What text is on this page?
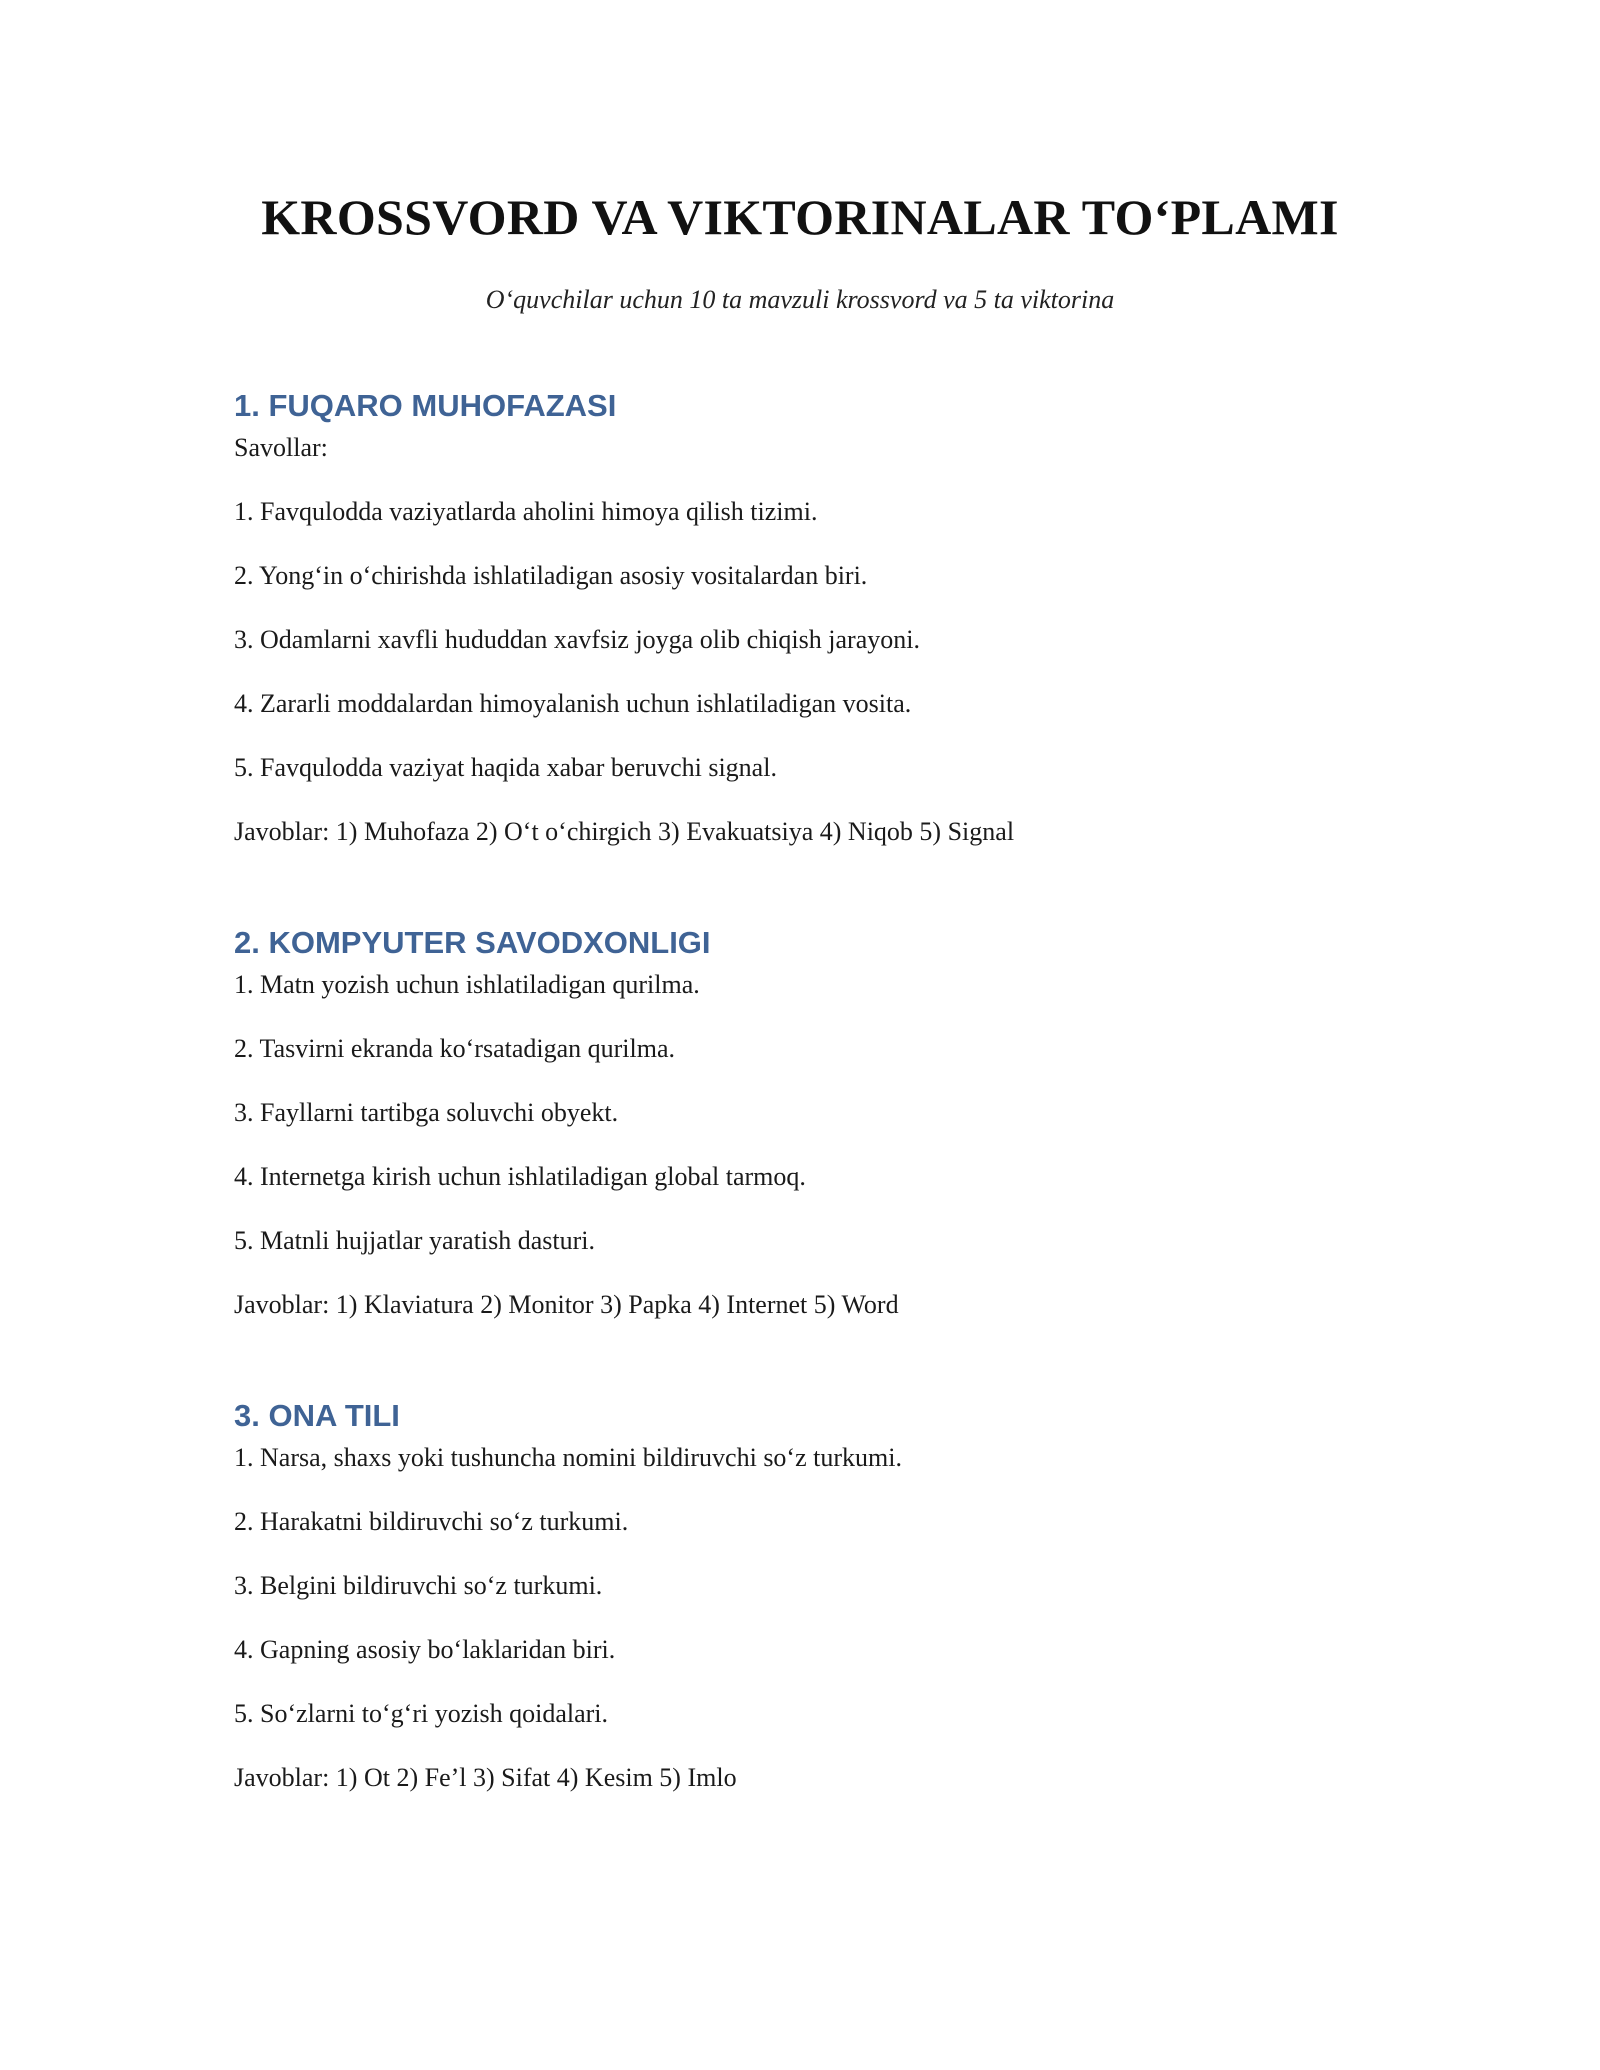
KROSSVORD VA VIKTORINALAR TO‘PLAMI
O‘quvchilar uchun 10 ta mavzuli krossvord va 5 ta viktorina
1. FUQARO MUHOFAZASI
Savollar:
1. Favqulodda vaziyatlarda aholini himoya qilish tizimi.
2. Yong‘in o‘chirishda ishlatiladigan asosiy vositalardan biri.
3. Odamlarni xavfli hududdan xavfsiz joyga olib chiqish jarayoni.
4. Zararli moddalardan himoyalanish uchun ishlatiladigan vosita.
5. Favqulodda vaziyat haqida xabar beruvchi signal.
Javoblar: 1) Muhofaza 2) O‘t o‘chirgich 3) Evakuatsiya 4) Niqob 5) Signal
2. KOMPYUTER SAVODXONLIGI
1. Matn yozish uchun ishlatiladigan qurilma.
2. Tasvirni ekranda ko‘rsatadigan qurilma.
3. Fayllarni tartibga soluvchi obyekt.
4. Internetga kirish uchun ishlatiladigan global tarmoq.
5. Matnli hujjatlar yaratish dasturi.
Javoblar: 1) Klaviatura 2) Monitor 3) Papka 4) Internet 5) Word
3. ONA TILI
1. Narsa, shaxs yoki tushuncha nomini bildiruvchi so‘z turkumi.
2. Harakatni bildiruvchi so‘z turkumi.
3. Belgini bildiruvchi so‘z turkumi.
4. Gapning asosiy bo‘laklaridan biri.
5. So‘zlarni to‘g‘ri yozish qoidalari.
Javoblar: 1) Ot 2) Fe’l 3) Sifat 4) Kesim 5) Imlo
